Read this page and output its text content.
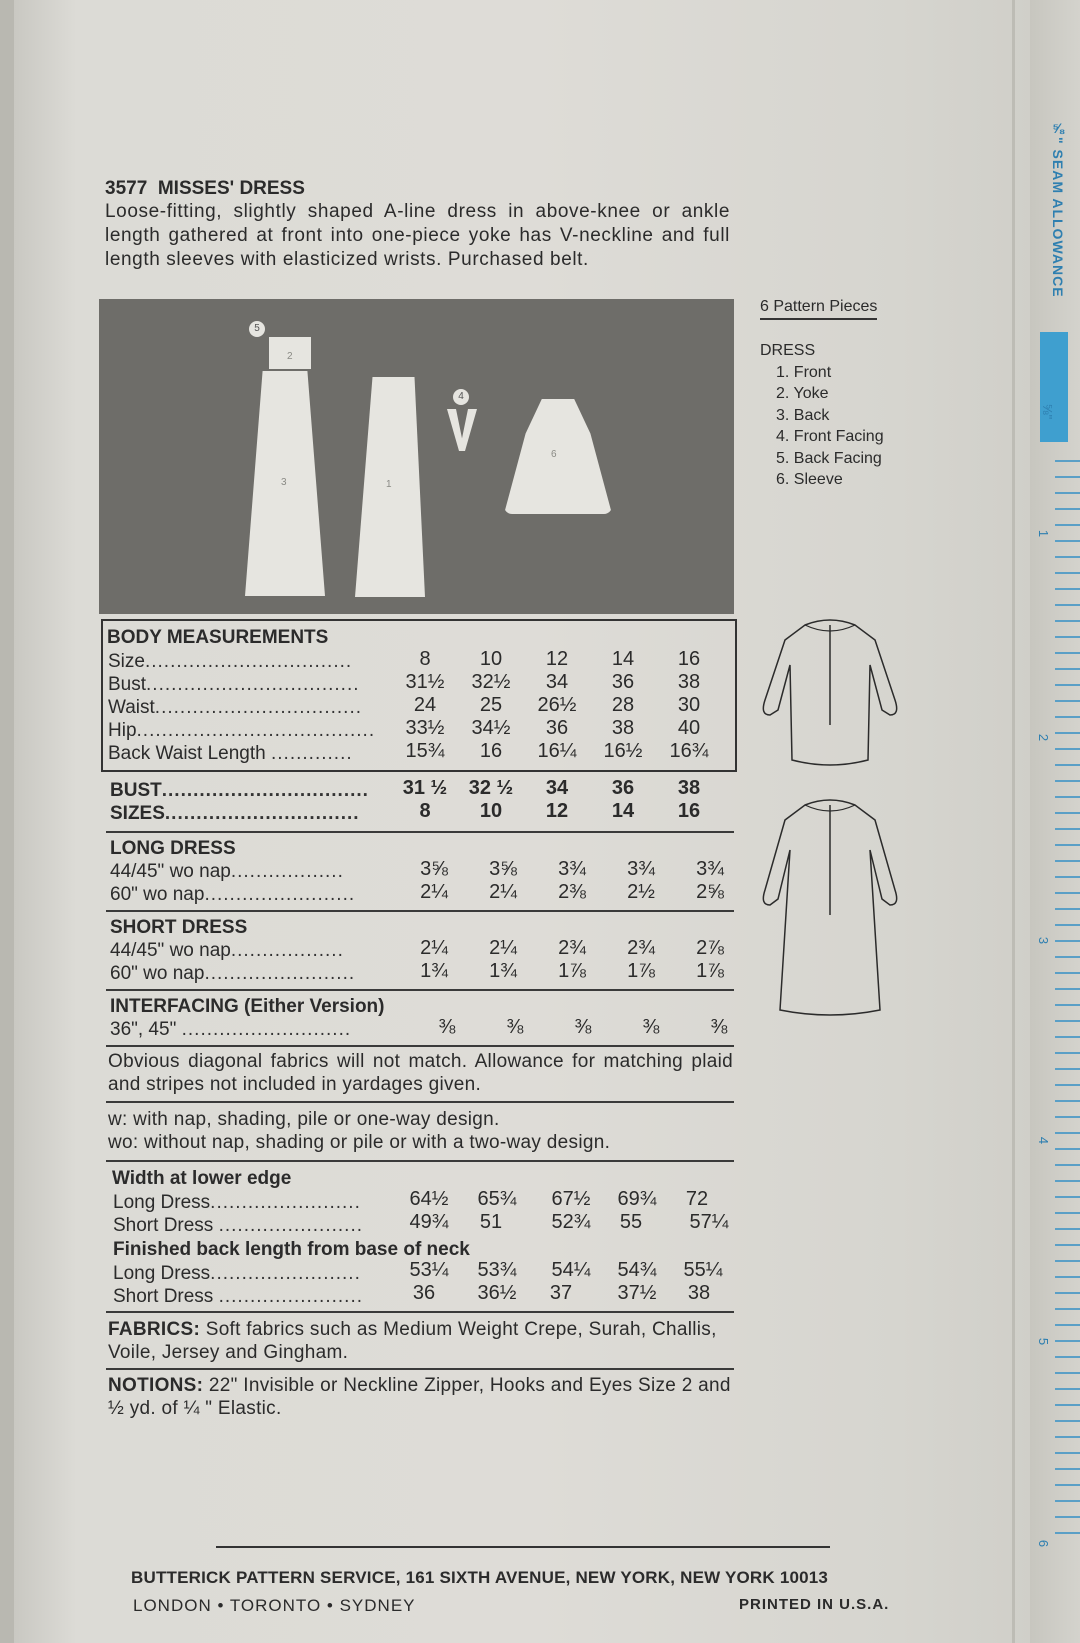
⅝" SEAM ALLOWANCE
⅝"
1
2
3
4
5
6
3577 MISSES' DRESS
Loose-fitting, slightly shaped A-line dress in above-knee or ankle length gathered at front into one-piece yoke has V-neckline and full length sleeves with elasticized wrists. Purchased belt.
5
2
3	1
4
6
6 Pattern Pieces
DRESS
1. Front
2. Yoke
3. Back
4. Front Facing
5. Back Facing
6. Sleeve
BODY MEASUREMENTS
Size.................................	8	10	12	14	16
Bust..................................	31½	32½	34	36	38
Waist.................................	24	25	26½	28	30
Hip......................................	33½	34½	36	38	40
Back Waist Length .............	15¾	16	16¼	16½	16¾
BUST.................................	31 ½	32 ½	34	36	38
SIZES...............................	8	10	12	14	16
LONG DRESS
44/45" wo nap..................	3⅝	3⅝	3¾	3¾	3¾
60" wo nap........................	2¼	2¼	2⅜	2½	2⅝
SHORT DRESS
44/45" wo nap..................	2¼	2¼	2¾	2¾	2⅞
60" wo nap........................	1¾	1¾	1⅞	1⅞	1⅞
INTERFACING (Either Version)
36", 45" ...........................	⅜	⅜	⅜	⅜	⅜
Obvious diagonal fabrics will not match. Allowance for matching plaid and stripes not included in yardages given.
w: with nap, shading, pile or one-way design.
wo: without nap, shading or pile or with a two-way design.
Width at lower edge
Long Dress........................	64½	65¾	67½	69¾	72
Short Dress .......................	49¾	51	52¾	55	57¼
Finished back length from base of neck
Long Dress........................	53¼	53¾	54¼	54¾	55¼
Short Dress .......................	36	36½	37	37½	38
FABRICS: Soft fabrics such as Medium Weight Crepe, Surah, Challis, Voile, Jersey and Gingham.
NOTIONS: 22" Invisible or Neckline Zipper, Hooks and Eyes Size 2 and ½ yd. of ¼ " Elastic.
BUTTERICK PATTERN SERVICE, 161 SIXTH AVENUE, NEW YORK, NEW YORK 10013
LONDON • TORONTO • SYDNEY	PRINTED IN U.S.A.
